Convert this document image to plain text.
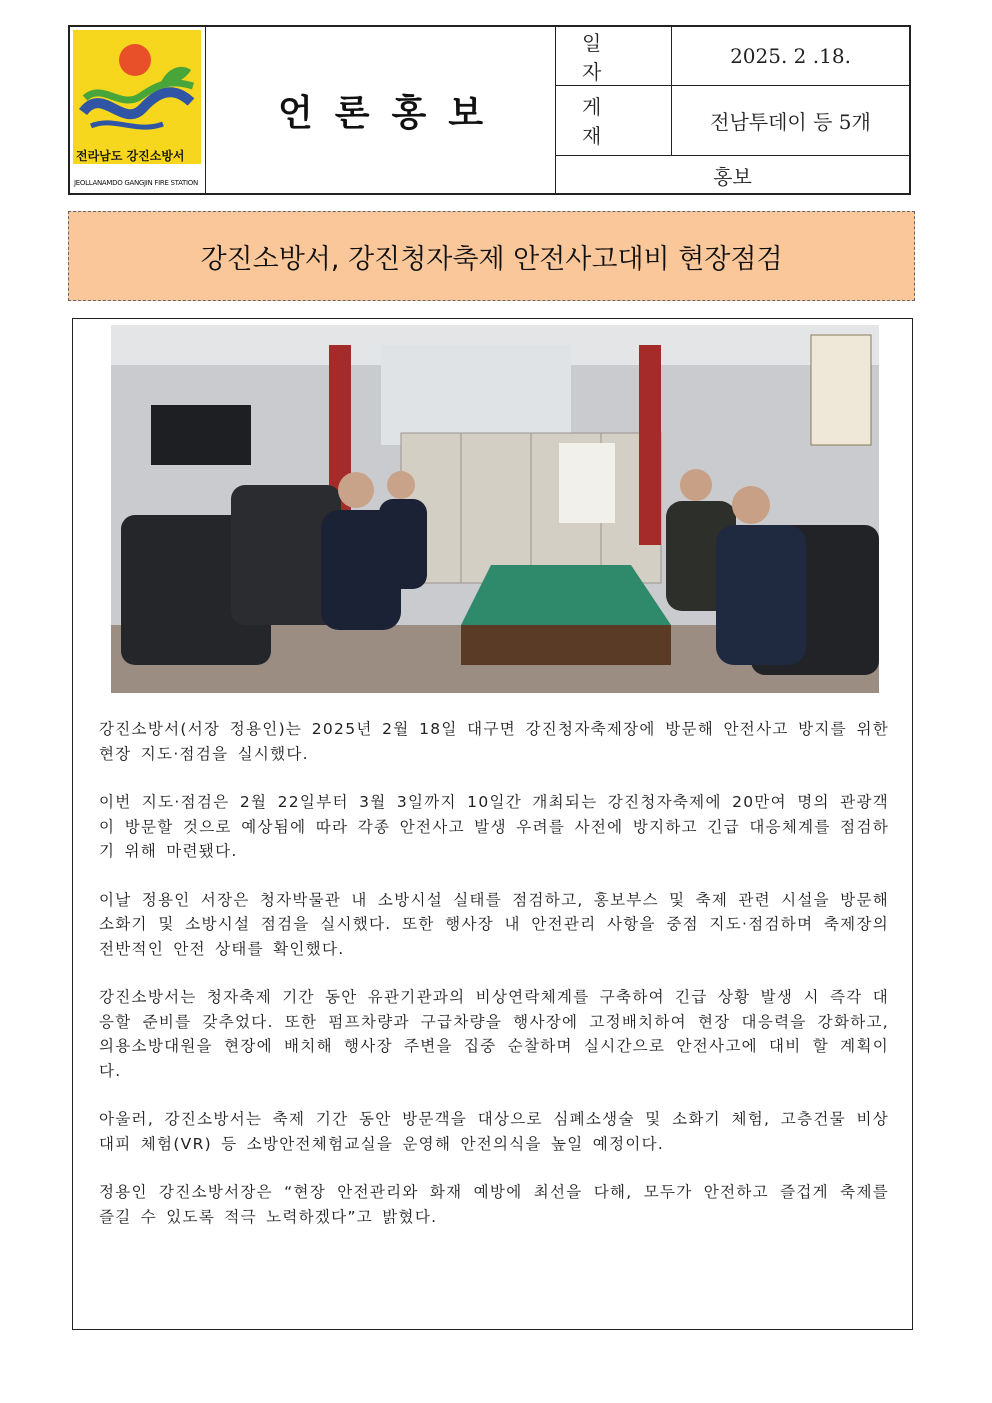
전라남도 강진소방서
JEOLLANAMDO GANGJIN FIRE STATION
언론홍보
일 자
2025. 2 .18.
게 재
전남투데이 등 5개
홍보
강진소방서, 강진청자축제 안전사고대비 현장점검

강진소방서(서장 정용인)는 2025년 2월 18일 대구면 강진청자축제장에 방문해 안전사고 방지를 위한 현장 지도·점검을 실시했다.

이번 지도·점검은 2월 22일부터 3월 3일까지 10일간 개최되는 강진청자축제에 20만여 명의 관광객이 방문할 것으로 예상됨에 따라 각종 안전사고 발생 우려를 사전에 방지하고 긴급 대응체계를 점검하기 위해 마련됐다.

이날 정용인 서장은 청자박물관 내 소방시설 실태를 점검하고, 홍보부스 및 축제 관련 시설을 방문해 소화기 및 소방시설 점검을 실시했다. 또한 행사장 내 안전관리 사항을 중점 지도·점검하며 축제장의 전반적인 안전 상태를 확인했다.

강진소방서는 청자축제 기간 동안 유관기관과의 비상연락체계를 구축하여 긴급 상황 발생 시 즉각 대응할 준비를 갖추었다. 또한 펌프차량과 구급차량을 행사장에 고정배치하여 현장 대응력을 강화하고, 의용소방대원을 현장에 배치해 행사장 주변을 집중 순찰하며 실시간으로 안전사고에 대비 할 계획이다.

아울러, 강진소방서는 축제 기간 동안 방문객을 대상으로 심폐소생술 및 소화기 체험, 고층건물 비상대피 체험(VR) 등 소방안전체험교실을 운영해 안전의식을 높일 예정이다.

정용인 강진소방서장은 “현장 안전관리와 화재 예방에 최선을 다해, 모두가 안전하고 즐겁게 축제를 즐길 수 있도록 적극 노력하겠다”고 밝혔다.
